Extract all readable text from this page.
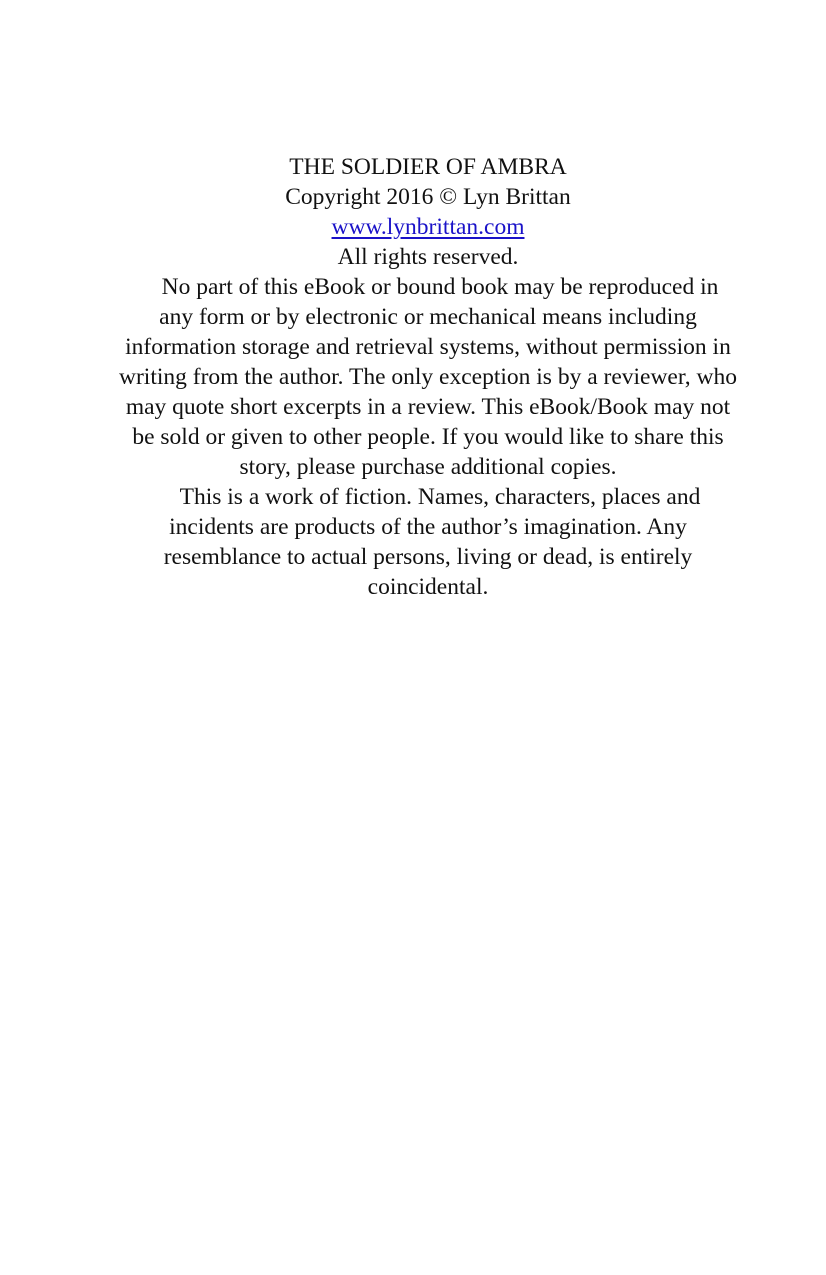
THE SOLDIER OF AMBRA
Copyright 2016 © Lyn Brittan
www.lynbrittan.com
All rights reserved.

No part of this eBook or bound book may be reproduced in any form or by electronic or mechanical means including information storage and retrieval systems, without permission in writing from the author. The only exception is by a reviewer, who may quote short excerpts in a review. This eBook/Book may not be sold or given to other people. If you would like to share this story, please purchase additional copies.

This is a work of fiction. Names, characters, places and incidents are products of the author’s imagination. Any resemblance to actual persons, living or dead, is entirely coincidental.
